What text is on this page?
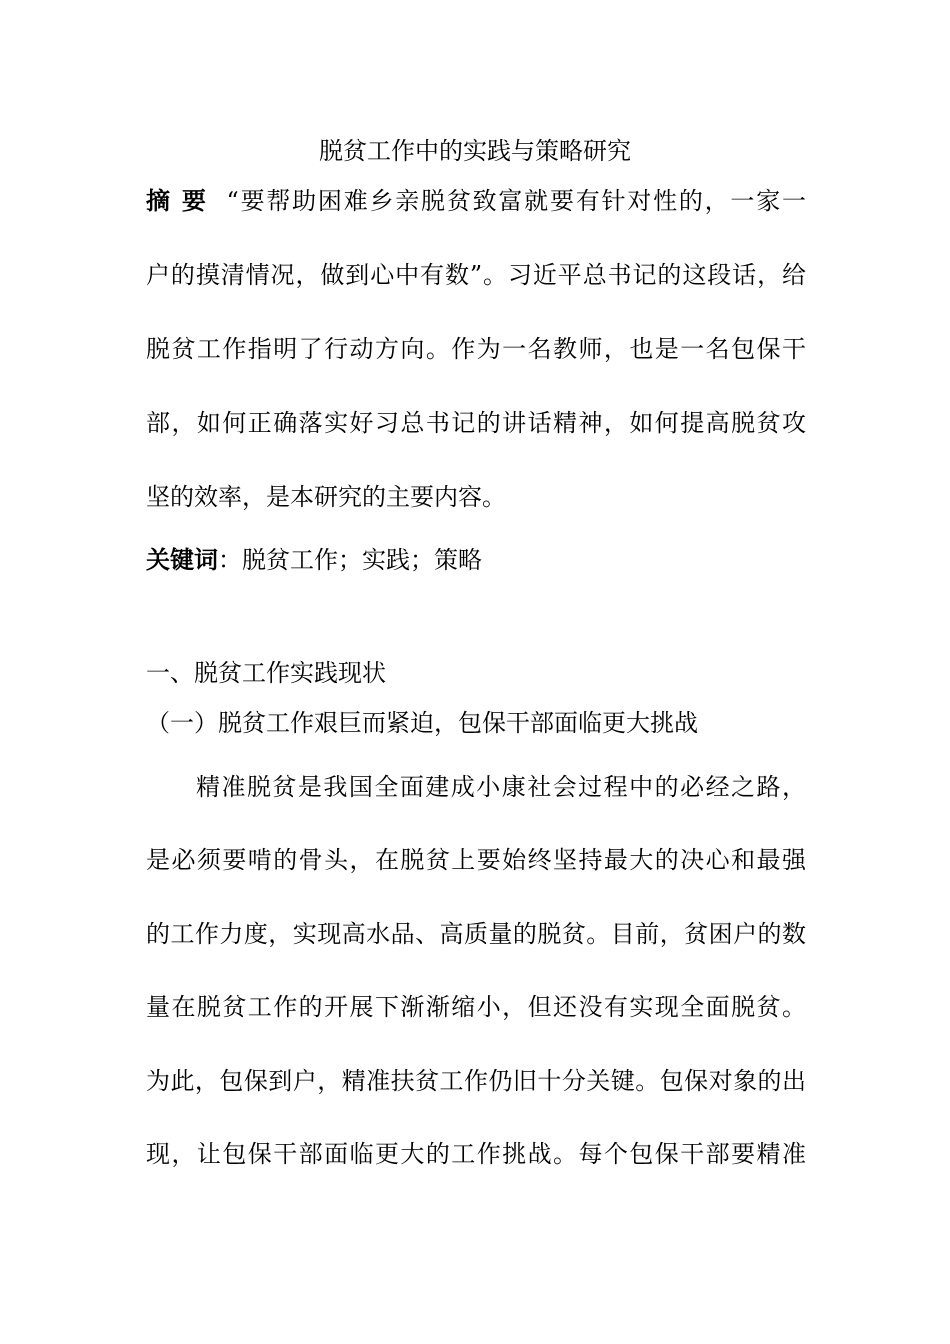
脱贫工作中的实践与策略研究
摘 要 “要帮助困难乡亲脱贫致富就要有针对性的，一家一
户的摸清情况，做到心中有数”。习近平总书记的这段话，给
脱贫工作指明了行动方向。作为一名教师，也是一名包保干
部，如何正确落实好习总书记的讲话精神，如何提高脱贫攻
坚的效率，是本研究的主要内容。
关键词：脱贫工作；实践；策略
一、脱贫工作实践现状
（一）脱贫工作艰巨而紧迫，包保干部面临更大挑战
精准脱贫是我国全面建成小康社会过程中的必经之路，
是必须要啃的骨头，在脱贫上要始终坚持最大的决心和最强
的工作力度，实现高水品、高质量的脱贫。目前，贫困户的数
量在脱贫工作的开展下渐渐缩小，但还没有实现全面脱贫。
为此，包保到户，精准扶贫工作仍旧十分关键。包保对象的出
现，让包保干部面临更大的工作挑战。每个包保干部要精准
